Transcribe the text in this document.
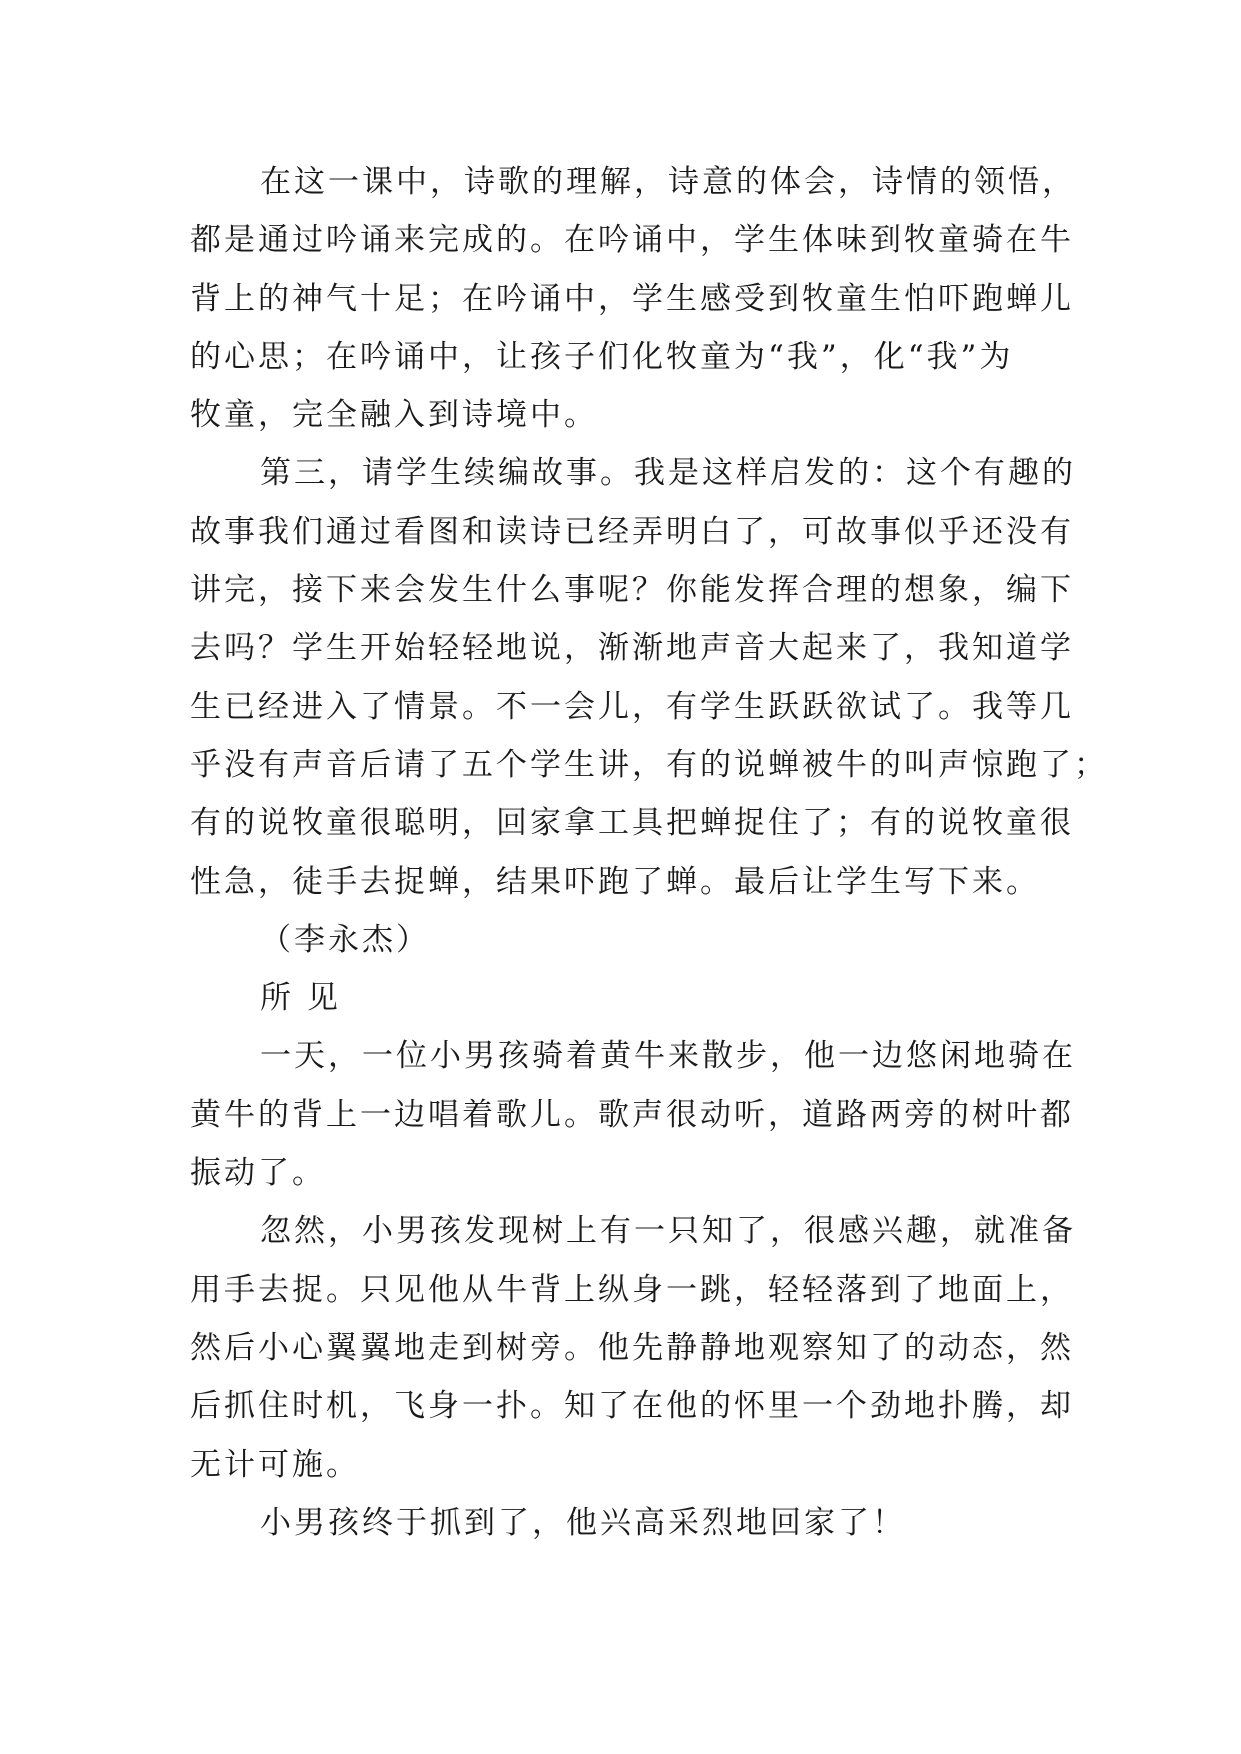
在这一课中，诗歌的理解，诗意的体会，诗情的领悟，
都是通过吟诵来完成的。在吟诵中，学生体味到牧童骑在牛
背上的神气十足；在吟诵中，学生感受到牧童生怕吓跑蝉儿
的心思；在吟诵中，让孩子们化牧童为“我”，化“我”为
牧童，完全融入到诗境中。
第三，请学生续编故事。我是这样启发的：这个有趣的
故事我们通过看图和读诗已经弄明白了，可故事似乎还没有
讲完，接下来会发生什么事呢？你能发挥合理的想象，编下
去吗？学生开始轻轻地说，渐渐地声音大起来了，我知道学
生已经进入了情景。不一会儿，有学生跃跃欲试了。我等几
乎没有声音后请了五个学生讲，有的说蝉被牛的叫声惊跑了；
有的说牧童很聪明，回家拿工具把蝉捉住了；有的说牧童很
性急，徒手去捉蝉，结果吓跑了蝉。最后让学生写下来。
（李永杰）
所 见
一天，一位小男孩骑着黄牛来散步，他一边悠闲地骑在
黄牛的背上一边唱着歌儿。歌声很动听，道路两旁的树叶都
振动了。
忽然，小男孩发现树上有一只知了，很感兴趣，就准备
用手去捉。只见他从牛背上纵身一跳，轻轻落到了地面上，
然后小心翼翼地走到树旁。他先静静地观察知了的动态，然
后抓住时机，飞身一扑。知了在他的怀里一个劲地扑腾，却
无计可施。
小男孩终于抓到了，他兴高采烈地回家了！
